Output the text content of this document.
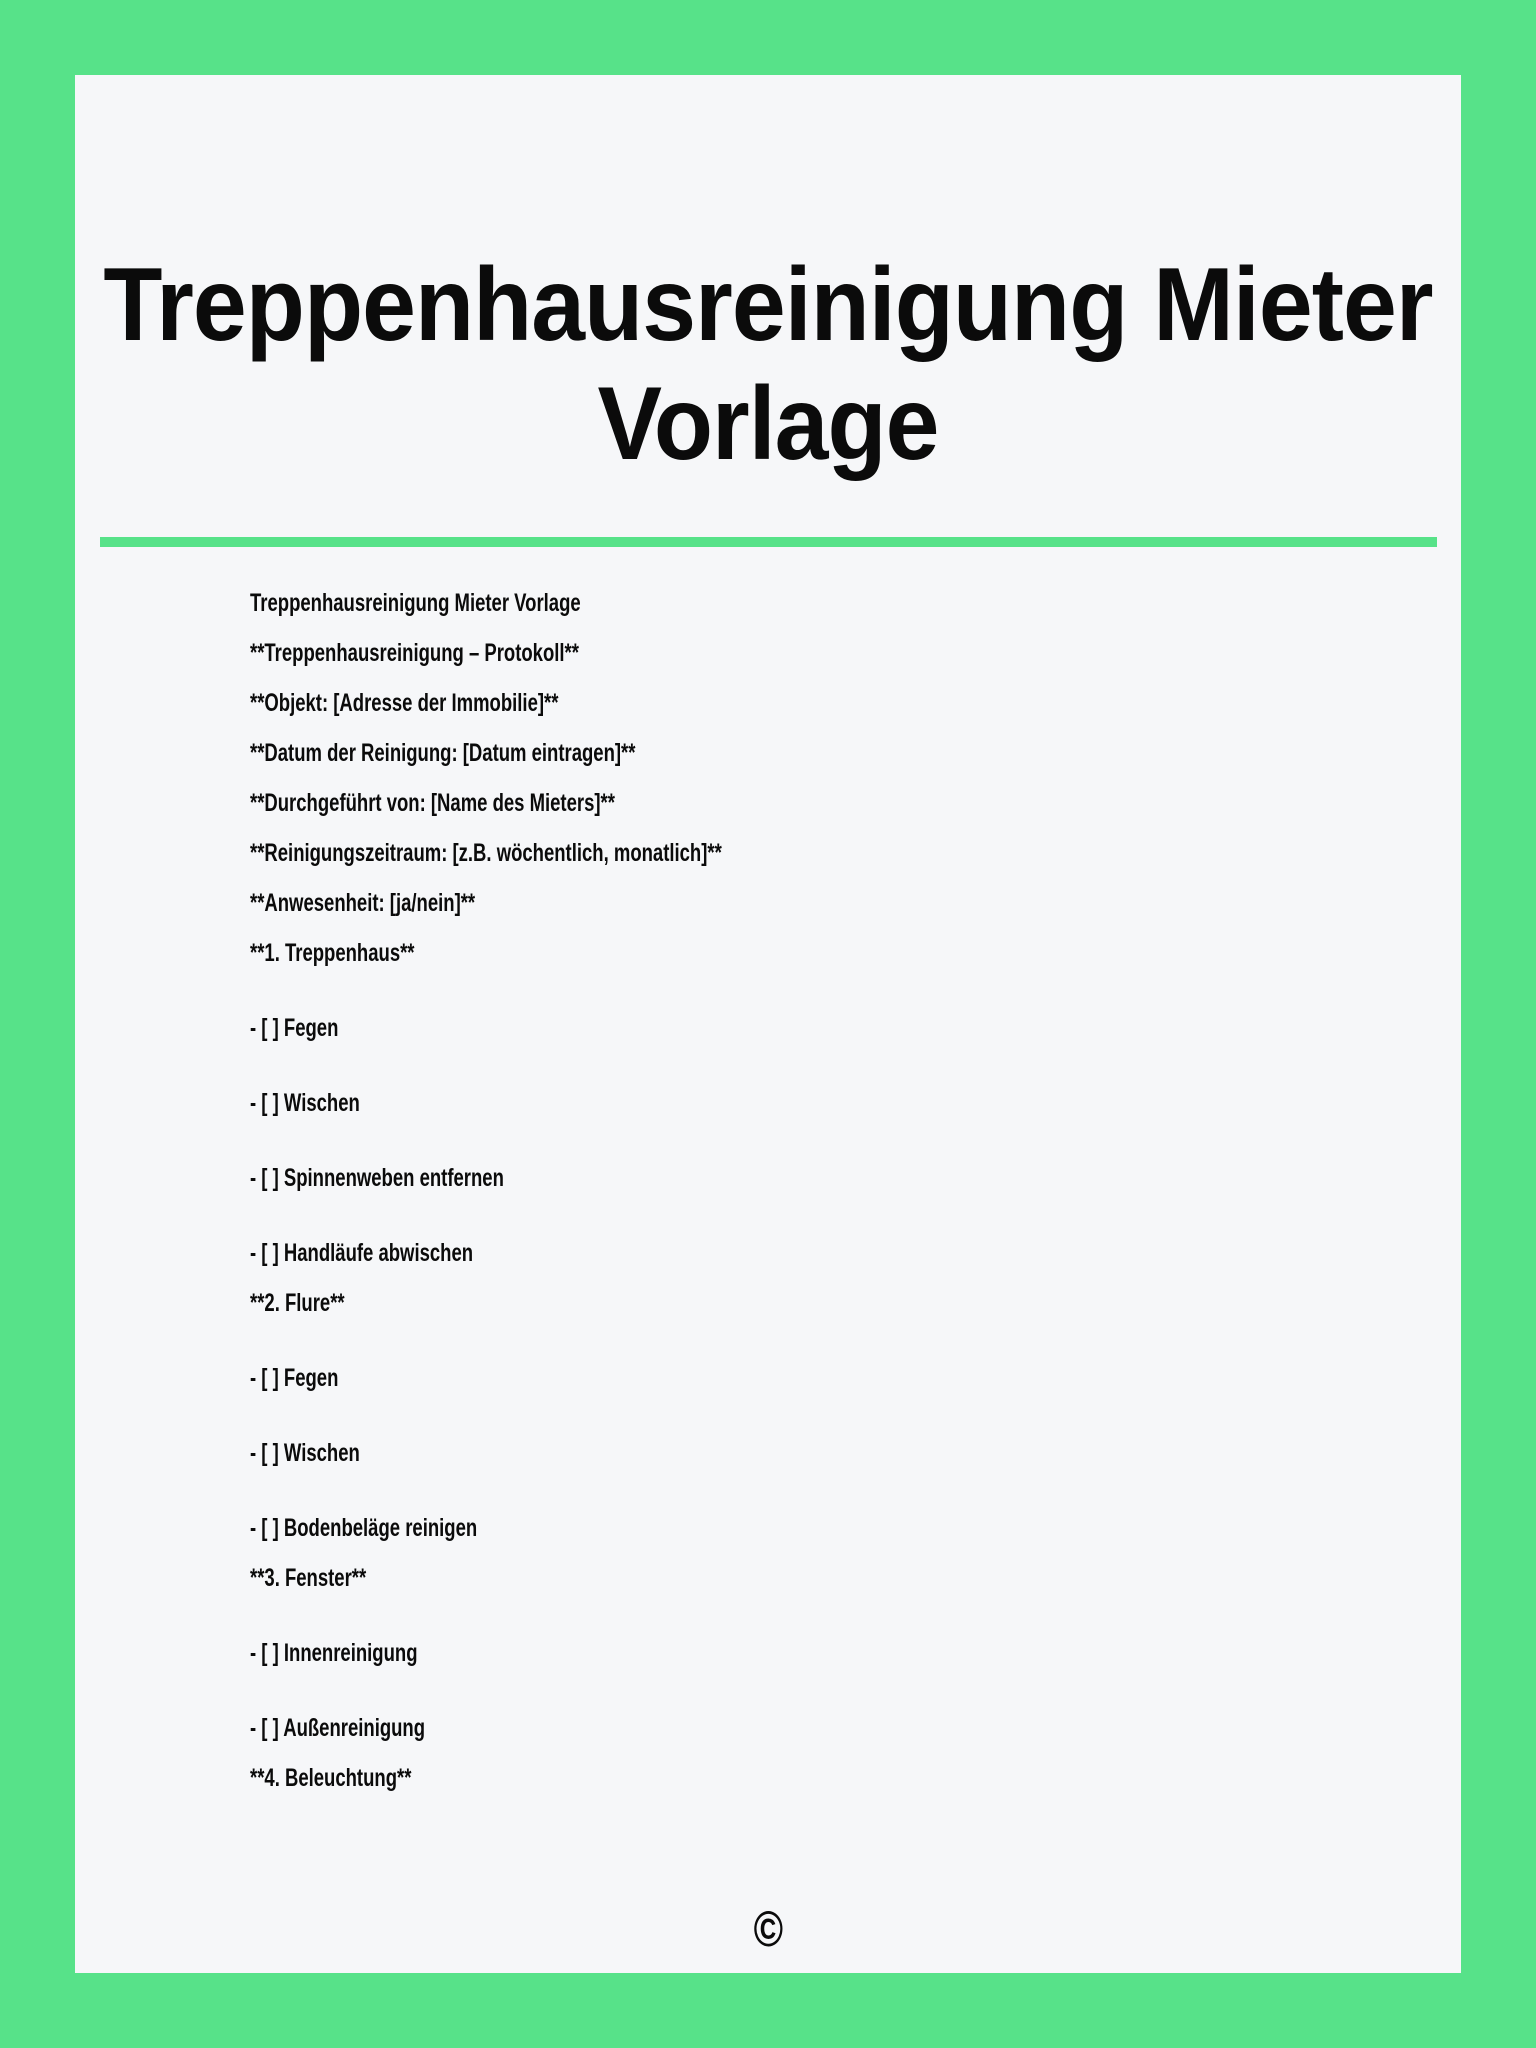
Treppenhausreinigung Mieter
Vorlage

Treppenhausreinigung Mieter Vorlage

**Treppenhausreinigung – Protokoll**

**Objekt: [Adresse der Immobilie]**

**Datum der Reinigung: [Datum eintragen]**

**Durchgeführt von: [Name des Mieters]**

**Reinigungszeitraum: [z.B. wöchentlich, monatlich]**

**Anwesenheit: [ja/nein]**

**1. Treppenhaus**

- [ ] Fegen

- [ ] Wischen

- [ ] Spinnenweben entfernen

- [ ] Handläufe abwischen

**2. Flure**

- [ ] Fegen

- [ ] Wischen

- [ ] Bodenbeläge reinigen

**3. Fenster**

- [ ] Innenreinigung

- [ ] Außenreinigung

**4. Beleuchtung**

©
